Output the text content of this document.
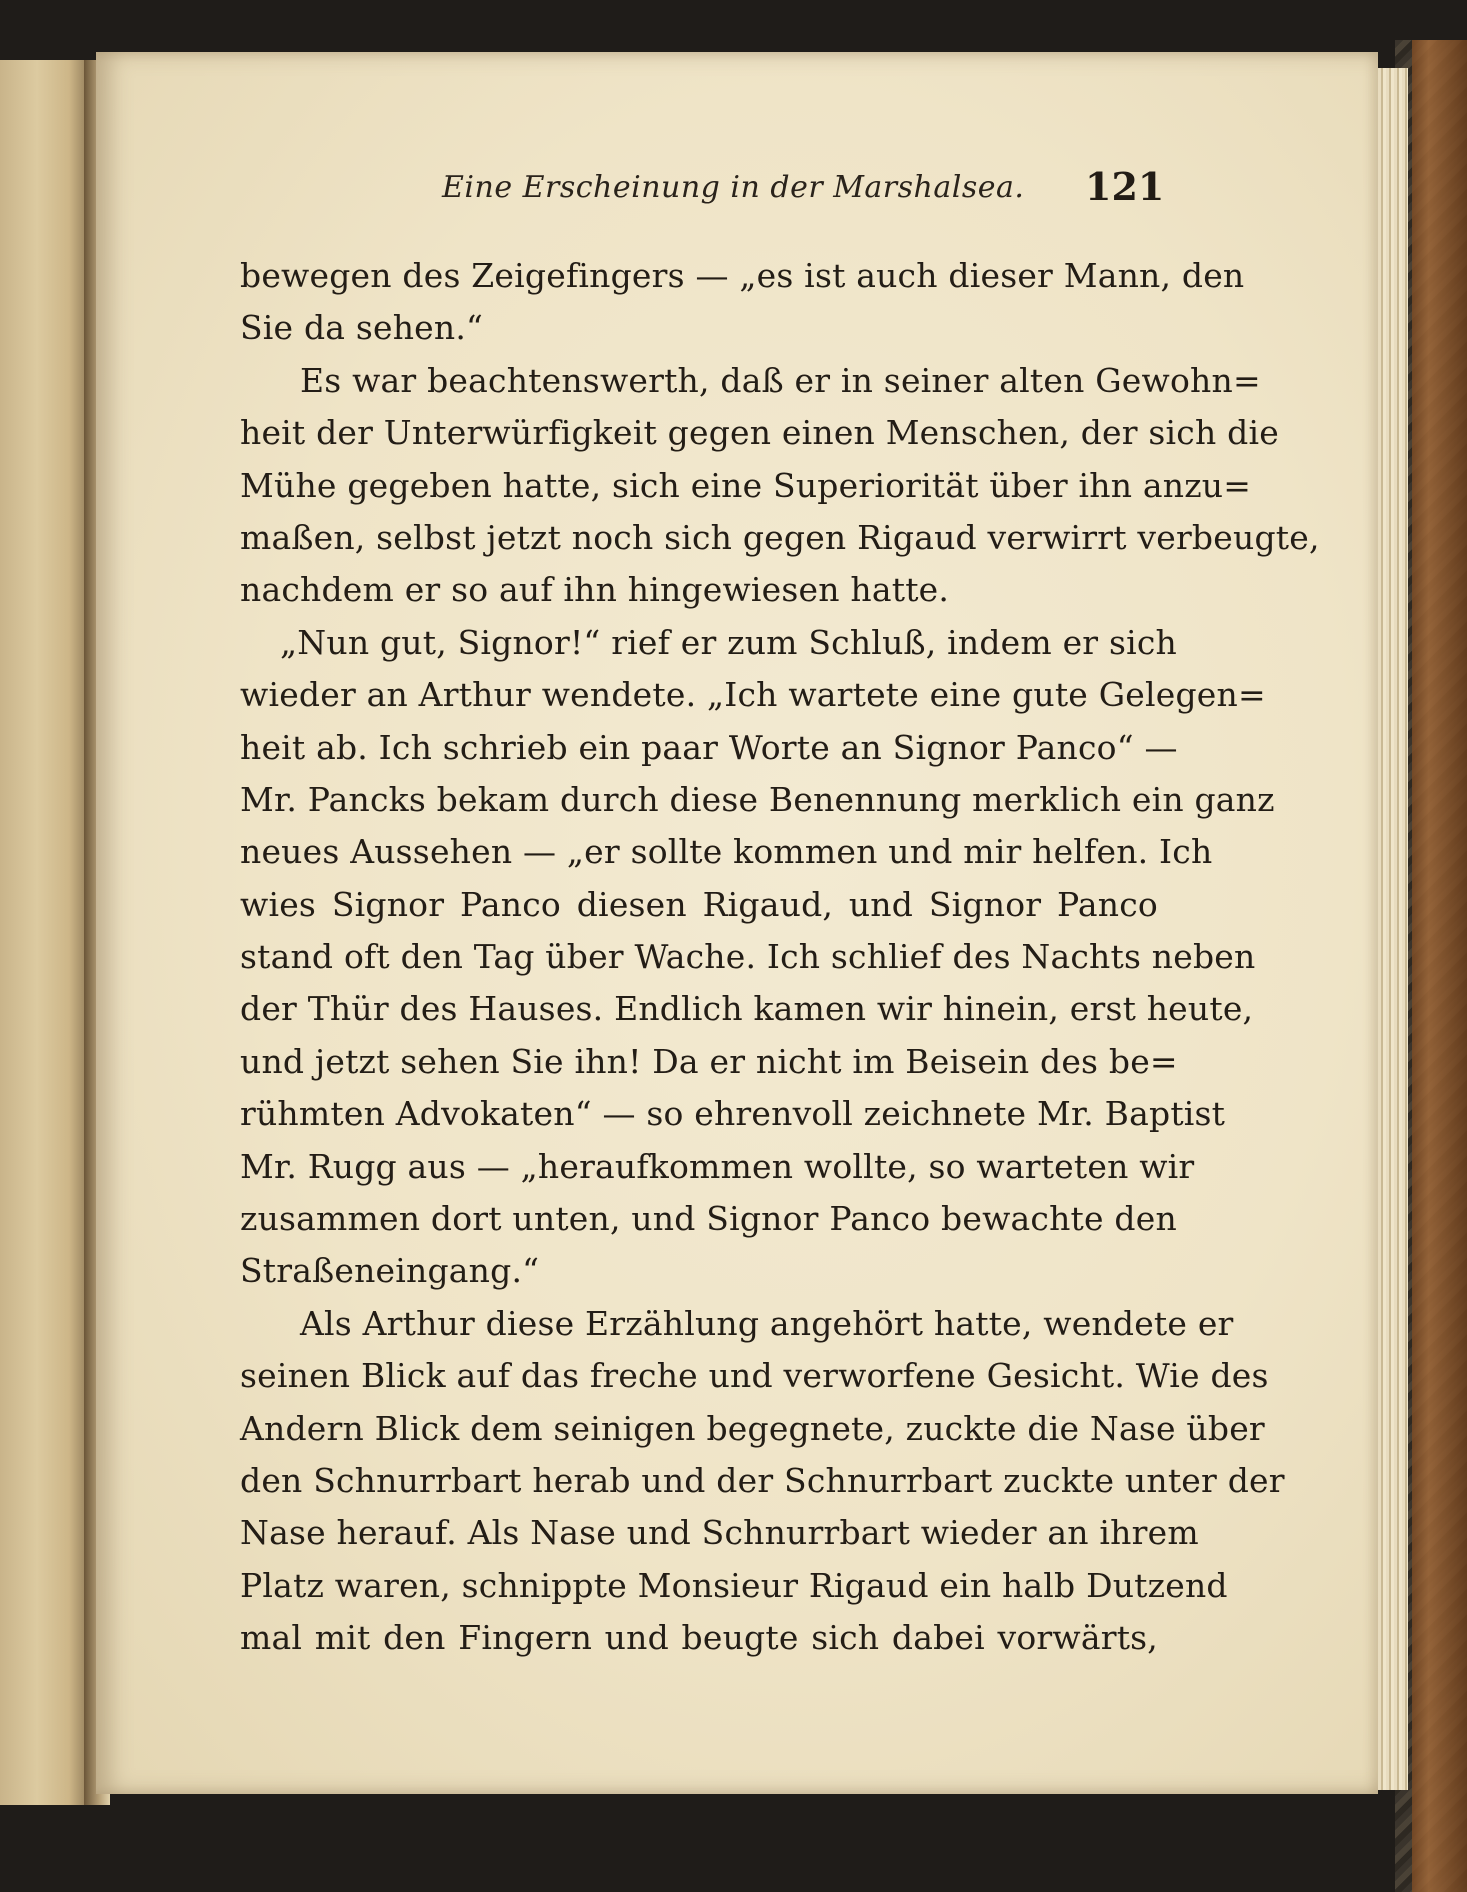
Eine Erscheinung in der Marshalsea. 121
bewegen des Zeigefingers — „es ist auch dieser Mann, den
Sie da sehen.“
Es war beachtenswerth, daß er in seiner alten Gewohn=
heit der Unterwürfigkeit gegen einen Menschen, der sich die
Mühe gegeben hatte, sich eine Superiorität über ihn anzu=
maßen, selbst jetzt noch sich gegen Rigaud verwirrt verbeugte,
nachdem er so auf ihn hingewiesen hatte.
„Nun gut, Signor!“ rief er zum Schluß, indem er sich
wieder an Arthur wendete. „Ich wartete eine gute Gelegen=
heit ab. Ich schrieb ein paar Worte an Signor Panco“ —
Mr. Pancks bekam durch diese Benennung merklich ein ganz
neues Aussehen — „er sollte kommen und mir helfen. Ich
wies Signor Panco diesen Rigaud, und Signor Panco
stand oft den Tag über Wache. Ich schlief des Nachts neben
der Thür des Hauses. Endlich kamen wir hinein, erst heute,
und jetzt sehen Sie ihn! Da er nicht im Beisein des be=
rühmten Advokaten“ — so ehrenvoll zeichnete Mr. Baptist
Mr. Rugg aus — „heraufkommen wollte, so warteten wir
zusammen dort unten, und Signor Panco bewachte den
Straßeneingang.“
Als Arthur diese Erzählung angehört hatte, wendete er
seinen Blick auf das freche und verworfene Gesicht. Wie des
Andern Blick dem seinigen begegnete, zuckte die Nase über
den Schnurrbart herab und der Schnurrbart zuckte unter der
Nase herauf. Als Nase und Schnurrbart wieder an ihrem
Platz waren, schnippte Monsieur Rigaud ein halb Dutzend
mal mit den Fingern und beugte sich dabei vorwärts,
